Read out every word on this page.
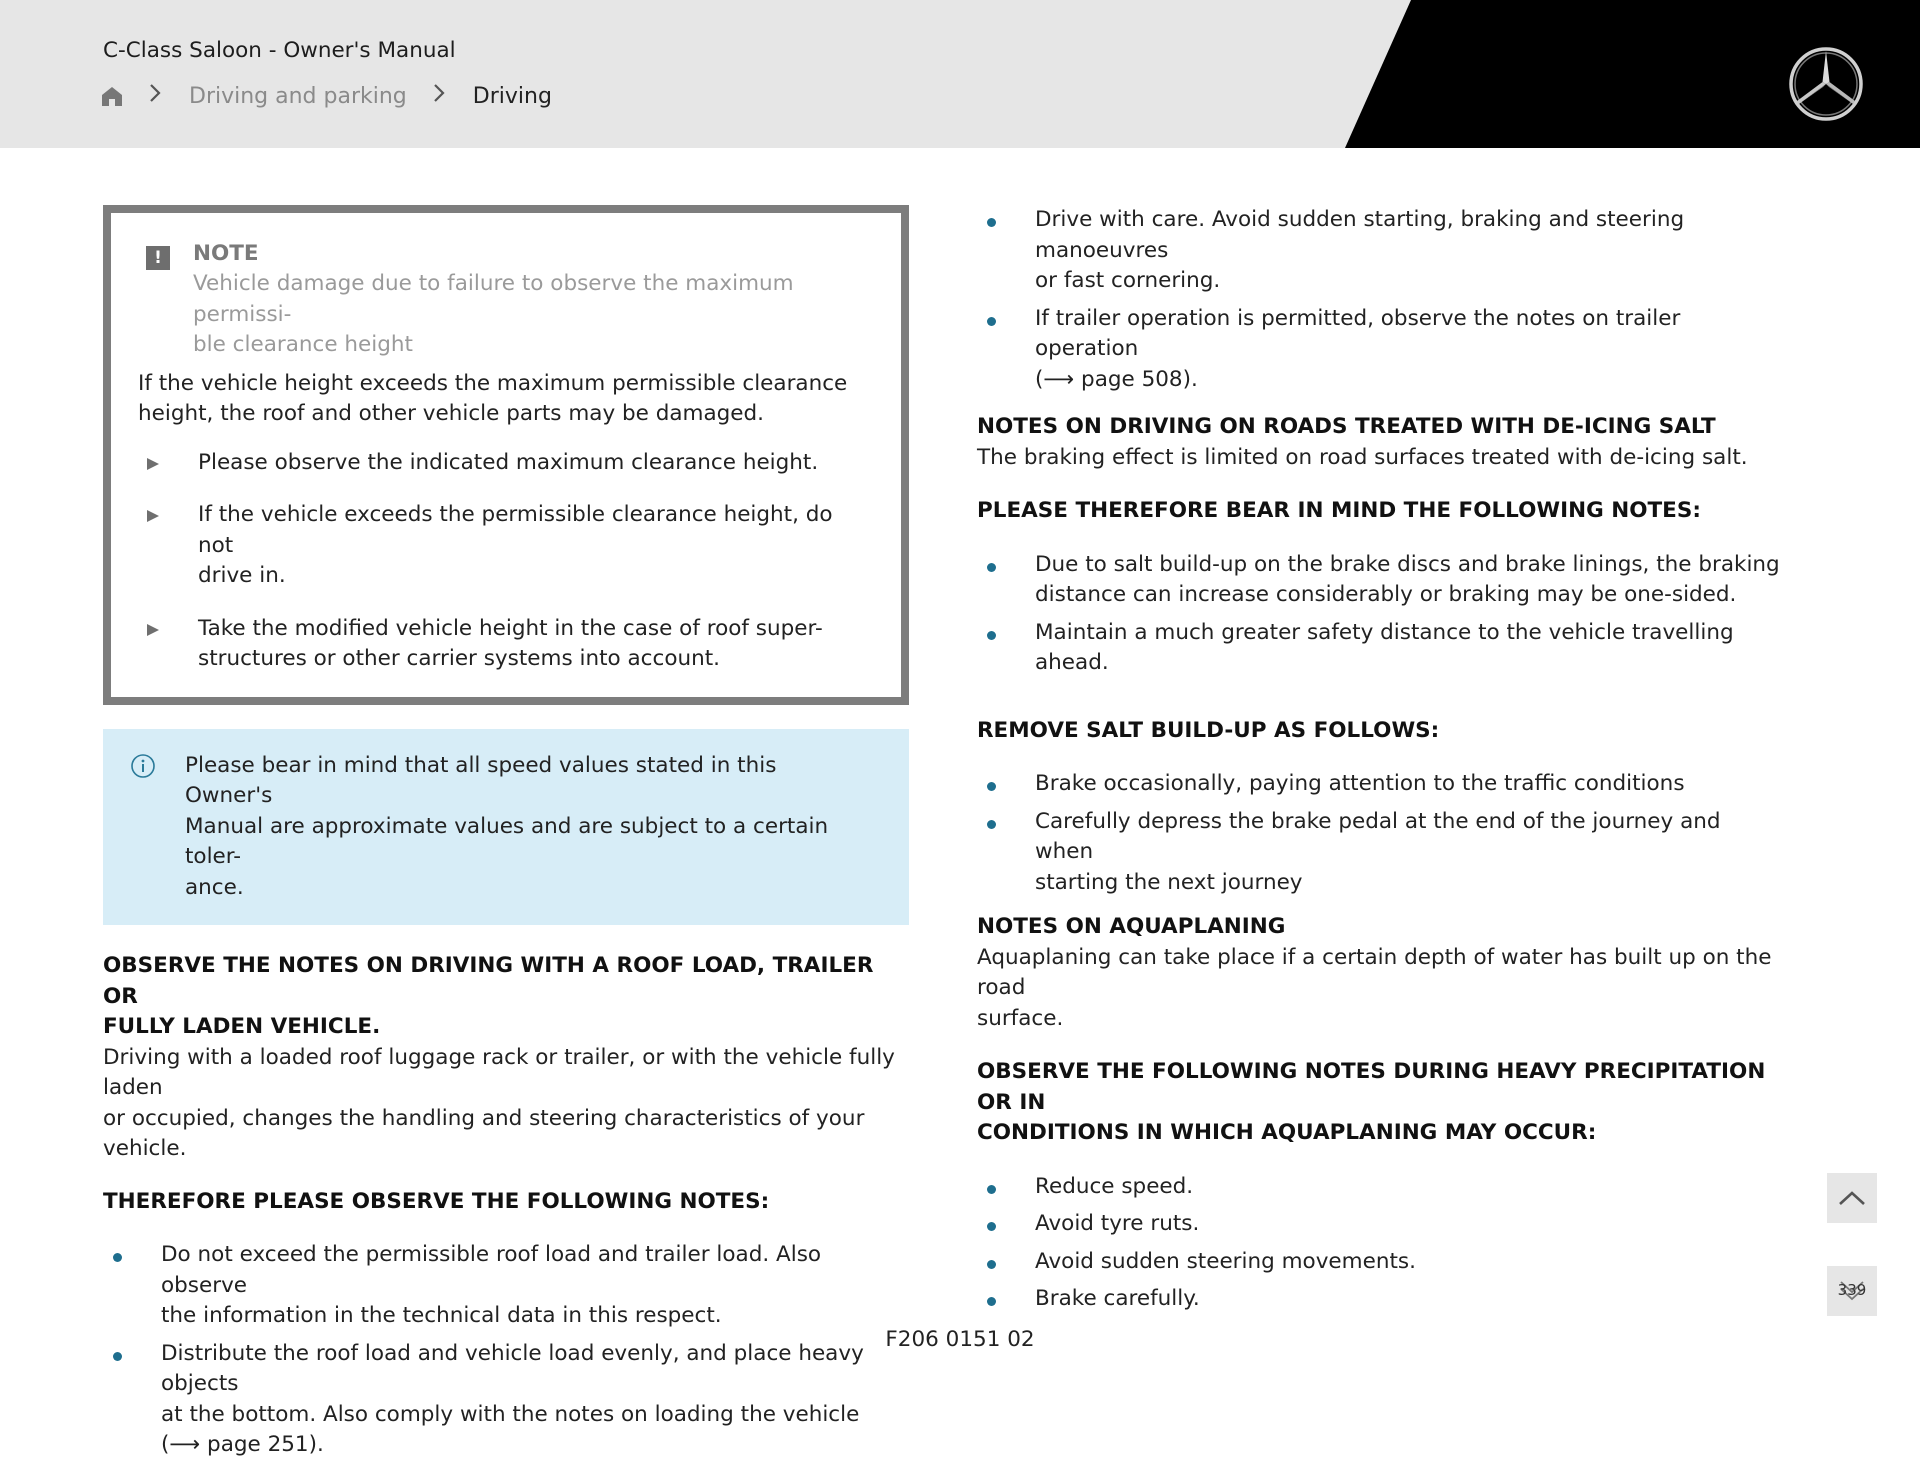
C-Class Saloon - Owner's Manual
Driving and parking	Driving
!	NOTE
Vehicle damage due to failure to observe the maximum permissi-
ble clearance height
If the vehicle height exceeds the maximum permissible clearance height, the roof and other vehicle parts may be damaged.
Please observe the indicated maximum clearance height.
If the vehicle exceeds the permissible clearance height, do not
drive in.
Take the modified vehicle height in the case of roof super-
structures or other carrier systems into account.
Please bear in mind that all speed values stated in this Owner's
Manual are approximate values and are subject to a certain toler-
ance.
OBSERVE THE NOTES ON DRIVING WITH A ROOF LOAD, TRAILER OR
FULLY LADEN VEHICLE.
Driving with a loaded roof luggage rack or trailer, or with the vehicle fully laden
or occupied, changes the handling and steering characteristics of your vehicle.
THEREFORE PLEASE OBSERVE THE FOLLOWING NOTES:
Do not exceed the permissible roof load and trailer load. Also observe
the information in the technical data in this respect.
Distribute the roof load and vehicle load evenly, and place heavy objects
at the bottom. Also comply with the notes on loading the vehicle
(⟶ page 251).
Drive with care. Avoid sudden starting, braking and steering manoeuvres
or fast cornering.
If trailer operation is permitted, observe the notes on trailer operation
(⟶ page 508).
NOTES ON DRIVING ON ROADS TREATED WITH DE-ICING SALT
The braking effect is limited on road surfaces treated with de-icing salt.
PLEASE THEREFORE BEAR IN MIND THE FOLLOWING NOTES:
Due to salt build-up on the brake discs and brake linings, the braking
distance can increase considerably or braking may be one-sided.
Maintain a much greater safety distance to the vehicle travelling ahead.
REMOVE SALT BUILD-UP AS FOLLOWS:
Brake occasionally, paying attention to the traffic conditions
Carefully depress the brake pedal at the end of the journey and when
starting the next journey
NOTES ON AQUAPLANING
Aquaplaning can take place if a certain depth of water has built up on the road
surface.
OBSERVE THE FOLLOWING NOTES DURING HEAVY PRECIPITATION OR IN
CONDITIONS IN WHICH AQUAPLANING MAY OCCUR:
Reduce speed.
Avoid tyre ruts.
Avoid sudden steering movements.
Brake carefully.	339
F206 0151 02
